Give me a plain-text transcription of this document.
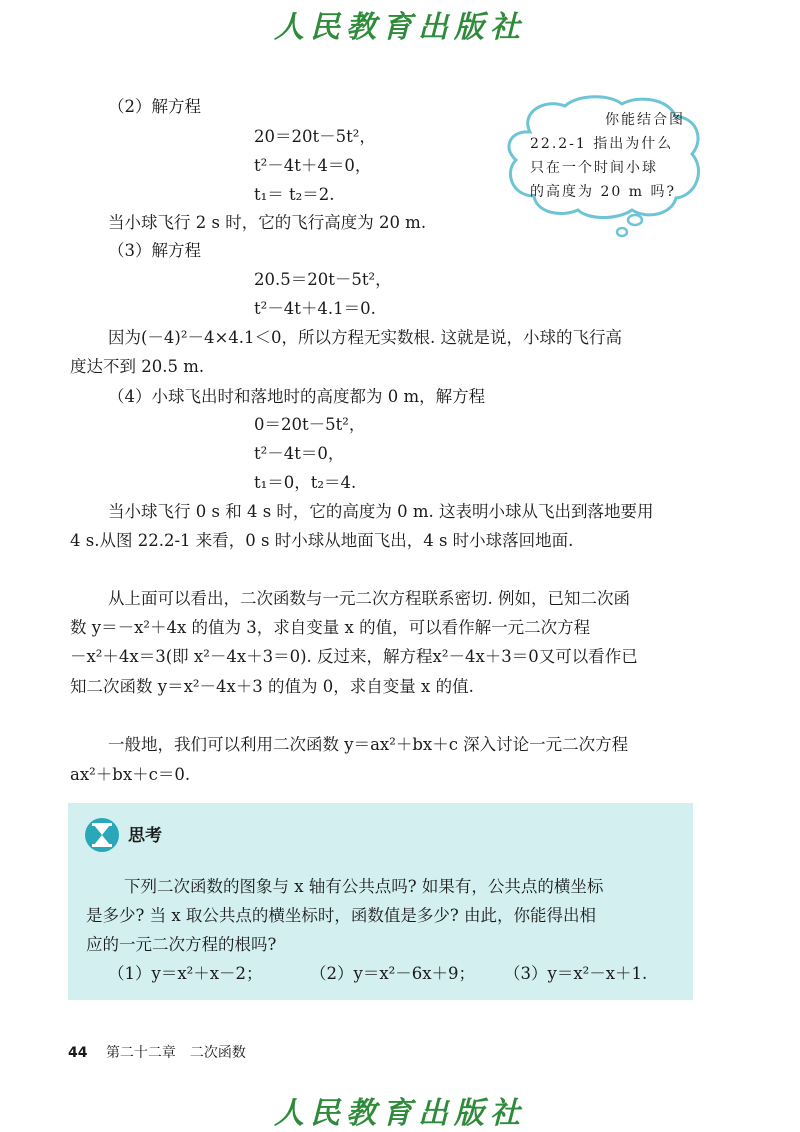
人民教育出版社
（2）解方程
20＝20t－5t²，
t²－4t＋4＝0，
t₁＝ t₂＝2.
当小球飞行 2 s 时，它的飞行高度为 20 m.
你能结合图
22.2-1 指出为什么
只在一个时间小球
的高度为 20 m 吗?
（3）解方程
20.5＝20t－5t²，
t²－4t＋4.1＝0.
因为(－4)²－4×4.1＜0，所以方程无实数根. 这就是说，小球的飞行高
度达不到 20.5 m.
（4）小球飞出时和落地时的高度都为 0 m，解方程
0＝20t－5t²，
t²－4t＝0，
t₁＝0，t₂＝4.
当小球飞行 0 s 和 4 s 时，它的高度为 0 m. 这表明小球从飞出到落地要用
4 s.从图 22.2-1 来看，0 s 时小球从地面飞出，4 s 时小球落回地面.
从上面可以看出，二次函数与一元二次方程联系密切. 例如，已知二次函
数 y＝－x²＋4x 的值为 3，求自变量 x 的值，可以看作解一元二次方程
－x²＋4x＝3(即 x²－4x＋3＝0). 反过来，解方程x²－4x＋3＝0又可以看作已
知二次函数 y＝x²－4x＋3 的值为 0，求自变量 x 的值.
一般地，我们可以利用二次函数 y＝ax²＋bx＋c 深入讨论一元二次方程
ax²＋bx＋c＝0.
思考
下列二次函数的图象与 x 轴有公共点吗? 如果有，公共点的横坐标
是多少? 当 x 取公共点的横坐标时，函数值是多少? 由此，你能得出相
应的一元二次方程的根吗?
（1）y＝x²＋x－2；	（2）y＝x²－6x＋9； （3）y＝x²－x＋1.
44 第二十二章　二次函数
人民教育出版社
